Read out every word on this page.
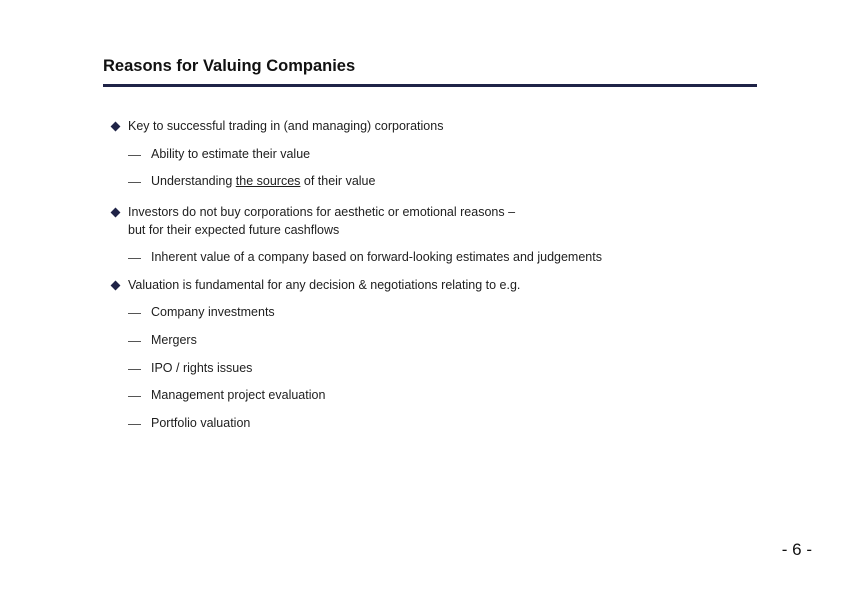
Reasons for Valuing Companies
Key to successful trading in (and managing) corporations
Ability to estimate their value
Understanding the sources of their value
Investors do not buy corporations for aesthetic or emotional reasons –
but for their expected future cashflows
Inherent value of a company based on forward-looking estimates and judgements
Valuation is fundamental for any decision & negotiations relating to e.g.
Company investments
Mergers
IPO / rights issues
Management project evaluation
Portfolio valuation
- 6 -
